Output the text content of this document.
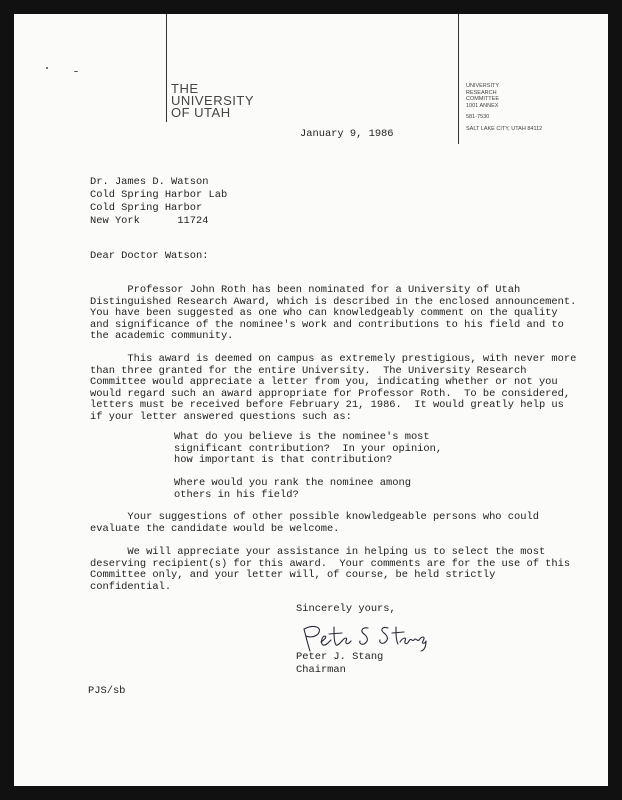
THE
UNIVERSITY
OF UTAH
UNIVERSITY
RESEARCH
COMMITTEE
1001 ANNEX
581-7530
SALT LAKE CITY, UTAH 84112
January 9, 1986
Dr. James D. Watson
Cold Spring Harbor Lab
Cold Spring Harbor
New York      11724
Dear Doctor Watson:
Professor John Roth has been nominated for a University of Utah
Distinguished Research Award, which is described in the enclosed announcement.
You have been suggested as one who can knowledgeably comment on the quality
and significance of the nominee's work and contributions to his field and to
the academic community.
This award is deemed on campus as extremely prestigious, with never more
than three granted for the entire University.  The University Research
Committee would appreciate a letter from you, indicating whether or not you
would regard such an award appropriate for Professor Roth.  To be considered,
letters must be received before February 21, 1986.  It would greatly help us
if your letter answered questions such as:
What do you believe is the nominee's most
significant contribution?  In your opinion,
how important is that contribution?
Where would you rank the nominee among
others in his field?
Your suggestions of other possible knowledgeable persons who could
evaluate the candidate would be welcome.
We will appreciate your assistance in helping us to select the most
deserving recipient(s) for this award.  Your comments are for the use of this
Committee only, and your letter will, of course, be held strictly
confidential.
Sincerely yours,
Peter J. Stang
Chairman
PJS/sb
